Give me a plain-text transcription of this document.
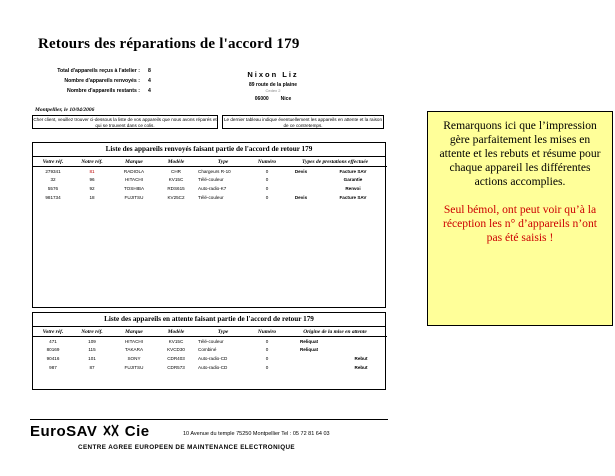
Retours des réparations de l'accord 179
Total d'appareils reçus à l'atelier :	8
Nombre d'appareils renvoyés :	4
Nombre d'appareils restants :	4
Nixon Liz
89 route de la plaine
Cedex 2
06000 Nice
Montpellier, le 10/04/2006
Cher client, veuillez trouver ci-dessous la liste de vos appareils que nous avons réparés et qui se trouvent dans ce colis.
Le dernier tableau indique éventuellement les appareils en attente et la raison de ce contretemps.
Liste des appareils renvoyés faisant partie de l'accord de retour 179
Votre réf.	Notre réf.	Marque	Modèle	Type	Numéro	Types de prestations effectuée	
279341	81	RADIOLA	CHR	Chargeurs R-10	0	Devis	Facture SAV
32	96	HITACHI	KV15C	Télé-couleur	0		Garantie
5576	92	TOSHIBA	RDS615	Auto-radio-K7	0		Renvoi
981734	18	FUJITSU	KV25C2	Télé-couleur	0	Devis	Facture SAV
Liste des appareils en attente faisant partie de l'accord de retour 179
Votre réf.	Notre réf.	Marque	Modèle	Type	Numéro	Origine de la mise en attente	
471	109	HITACHI	KV15C	Télé-couleur	0	Reliquat	
80169	115	TAKARA	KVCD30	Combiné	0	Reliquat	
90416	101	SONY	CDR403	Auto-radio-CD	0		Rebut
987	87	FUJITSU	CDR573	Auto-radio-CD	0		Rebut
EuroSAV Cie	10 Avenue du temple 75250 Montpellier Tel : 05 72 81 64 03
CENTRE AGREE EUROPEEN DE MAINTENANCE ELECTRONIQUE
Remarquons ici que l’impression gère parfaitement les mises en attente et les rebuts et résume pour chaque appareil les différentes actions accomplies.
Seul bémol, ont peut voir qu’à la réception les n° d’appareils n’ont pas été saisis !
